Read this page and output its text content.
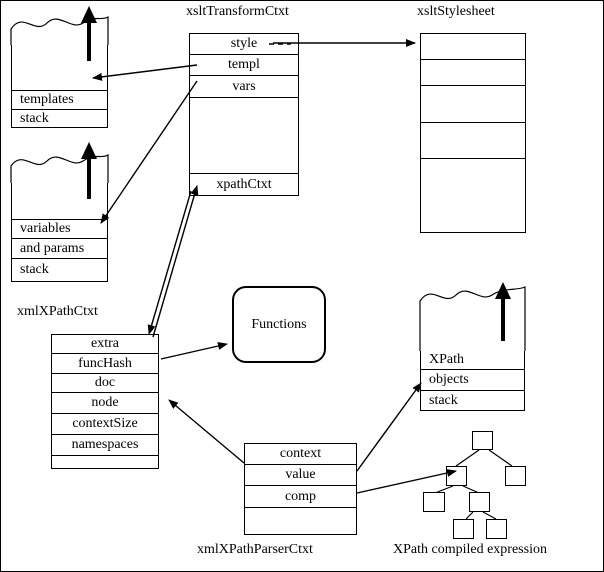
xsltTransformCtxt	xsltStylesheet
xmlXPathCtxt
xmlXPathParserCtxt	XPath compiled expression
templates
stack
variables
and params
stack
style
templ
vars
xpathCtxt
Functions
extra
funcHash
doc
node
contextSize
namespaces
XPath
objects
stack
context
value
comp
